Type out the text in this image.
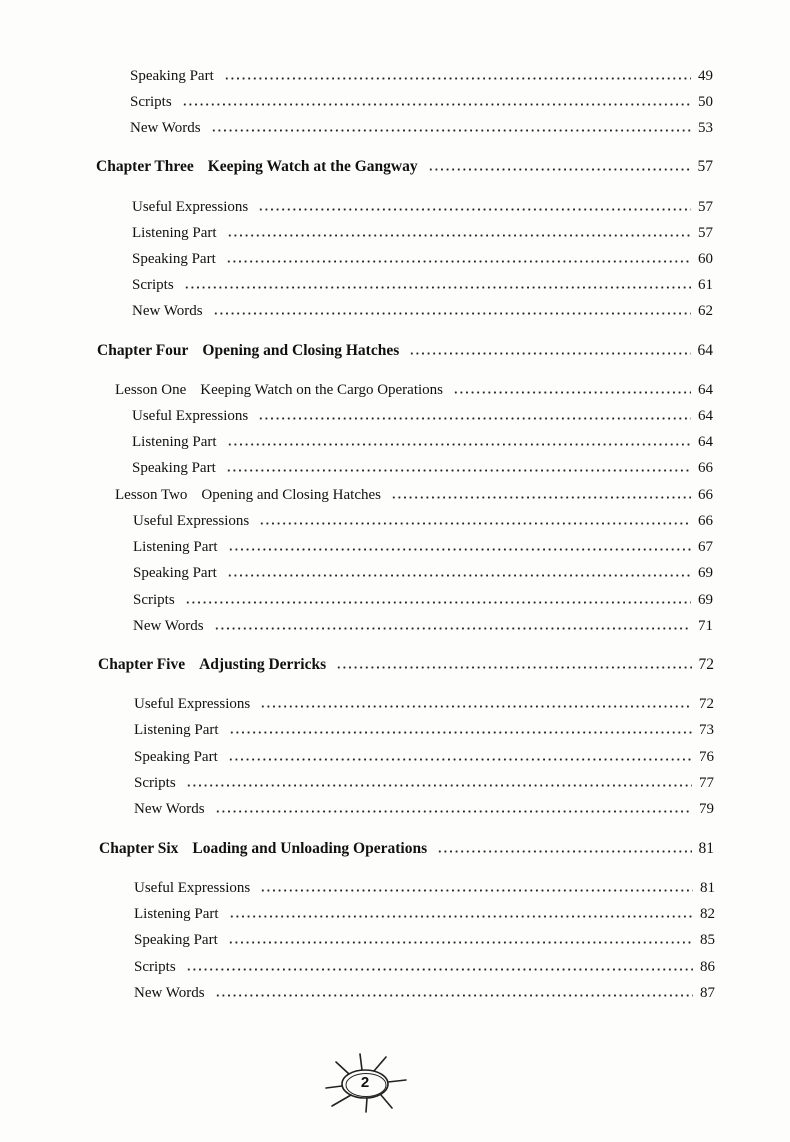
Speaking Part	49
Scripts	50
New Words	53
Chapter Three Keeping Watch at the Gangway	57
Useful Expressions	57
Listening Part	57
Speaking Part	60
Scripts	61
New Words	62
Chapter Four Opening and Closing Hatches	64
Lesson One Keeping Watch on the Cargo Operations	64
Useful Expressions	64
Listening Part	64
Speaking Part	66
Lesson Two Opening and Closing Hatches	66
Useful Expressions	66
Listening Part	67
Speaking Part	69
Scripts	69
New Words	71
Chapter Five Adjusting Derricks	72
Useful Expressions	72
Listening Part	73
Speaking Part	76
Scripts	77
New Words	79
Chapter Six Loading and Unloading Operations	81
Useful Expressions	81
Listening Part	82
Speaking Part	85
Scripts	86
New Words	87
2
